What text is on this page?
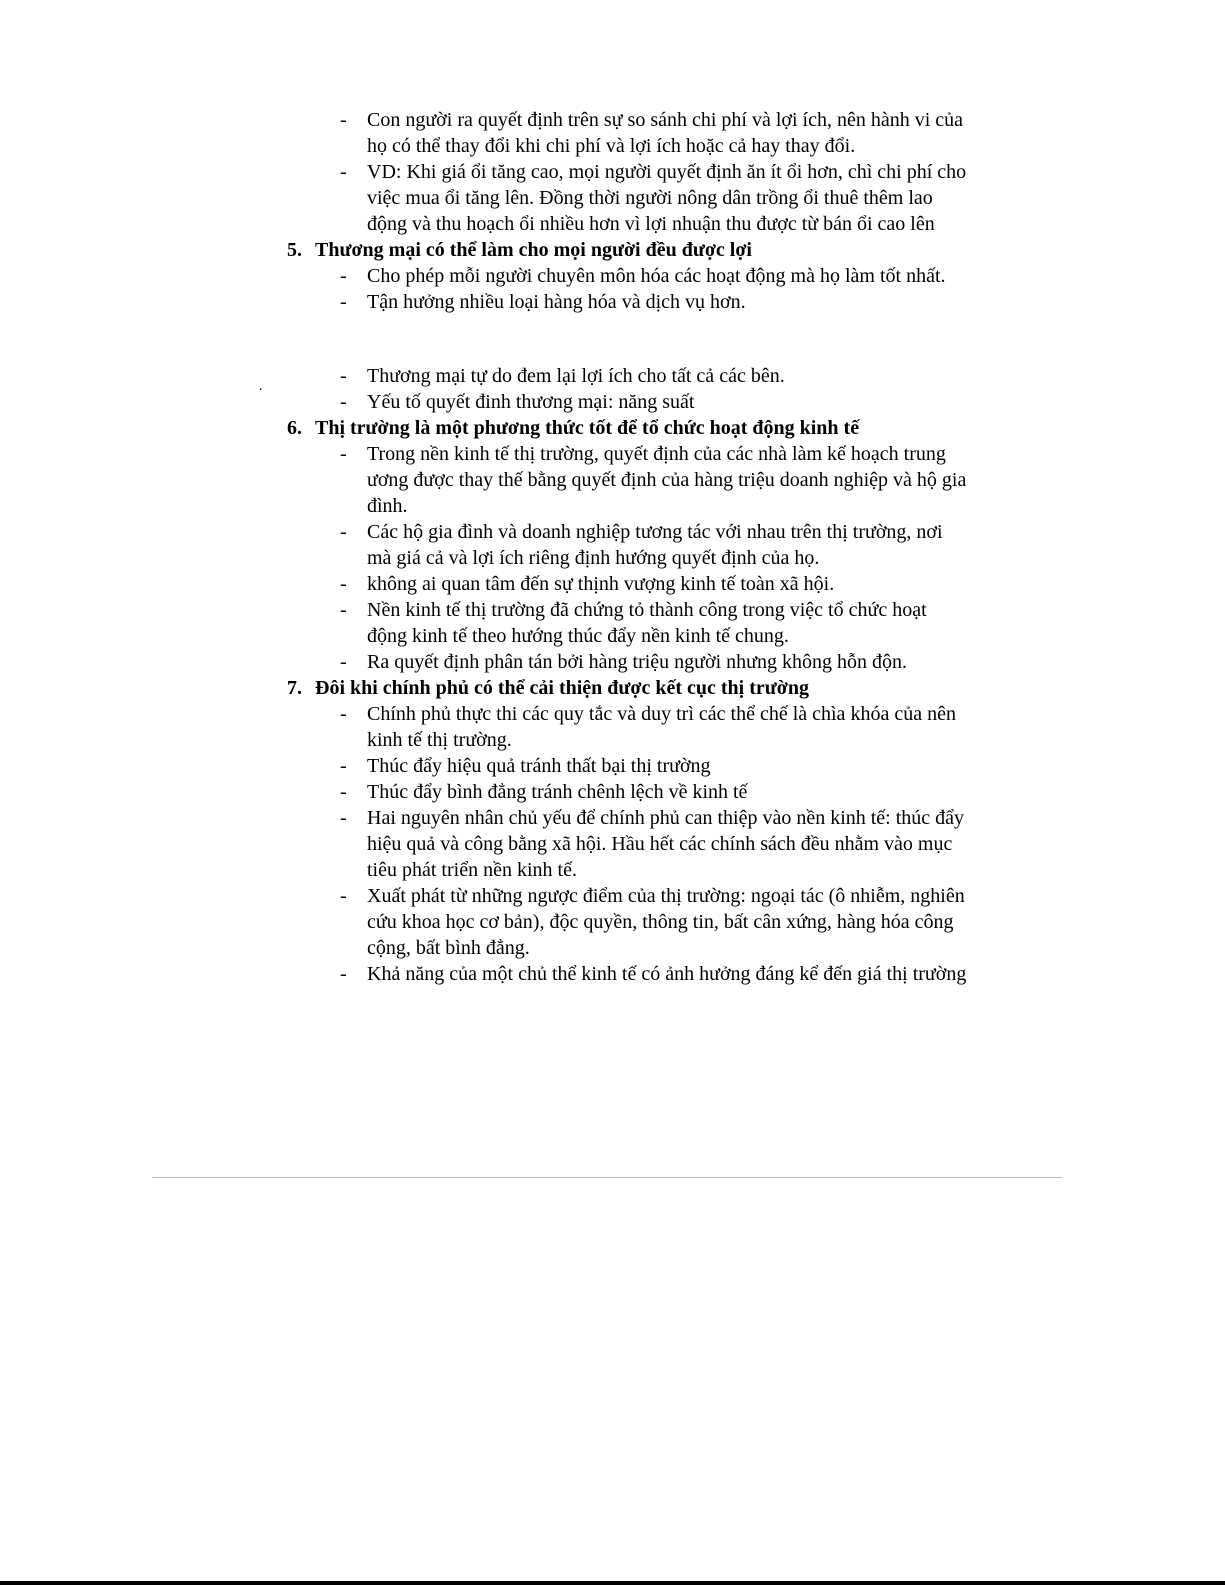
- Con người ra quyết định trên sự so sánh chi phí và lợi ích, nên hành vi của họ có thể thay đổi khi chi phí và lợi ích hoặc cả hay thay đổi.
- VD: Khi giá ổi tăng cao, mọi người quyết định ăn ít ổi hơn, chì chi phí cho việc mua ổi tăng lên. Đồng thời người nông dân trồng ổi thuê thêm lao động và thu hoạch ổi nhiều hơn vì lợi nhuận thu được từ bán ổi cao lên
5. Thương mại có thể làm cho mọi người đều được lợi
- Cho phép mỗi người chuyên môn hóa các hoạt động mà họ làm tốt nhất.
- Tận hưởng nhiều loại hàng hóa và dịch vụ hơn.
- Thương mại tự do đem lại lợi ích cho tất cả các bên.
- Yếu tố quyết đinh thương mại: năng suất
6. Thị trường là một phương thức tốt để tổ chức hoạt động kinh tế
- Trong nền kinh tế thị trường, quyết định của các nhà làm kế hoạch trung ương được thay thế bằng quyết định của hàng triệu doanh nghiệp và hộ gia đình.
- Các hộ gia đình và doanh nghiệp tương tác với nhau trên thị trường, nơi mà giá cả và lợi ích riêng định hướng quyết định của họ.
- không ai quan tâm đến sự thịnh vượng kinh tế toàn xã hội.
- Nền kinh tế thị trường đã chứng tỏ thành công trong việc tổ chức hoạt động kinh tế theo hướng thúc đẩy nền kinh tế chung.
- Ra quyết định phân tán bởi hàng triệu người nhưng không hỗn độn.
7. Đôi khi chính phủ có thể cải thiện được kết cục thị trường
- Chính phủ thực thi các quy tắc và duy trì các thể chế là chìa khóa của nên kinh tế thị trường.
- Thúc đẩy hiệu quả tránh thất bại thị trường
- Thúc đẩy bình đẳng tránh chênh lệch về kinh tế
- Hai nguyên nhân chủ yếu để chính phủ can thiệp vào nền kinh tế: thúc đẩy hiệu quả và công bằng xã hội. Hầu hết các chính sách đều nhằm vào mục tiêu phát triển nền kinh tế.
- Xuất phát từ những ngược điểm của thị trường: ngoại tác (ô nhiễm, nghiên cứu khoa học cơ bản), độc quyền, thông tin, bất cân xứng, hàng hóa công cộng, bất bình đẳng.
- Khả năng của một chủ thể kinh tế có ảnh hưởng đáng kể đến giá thị trường
.
